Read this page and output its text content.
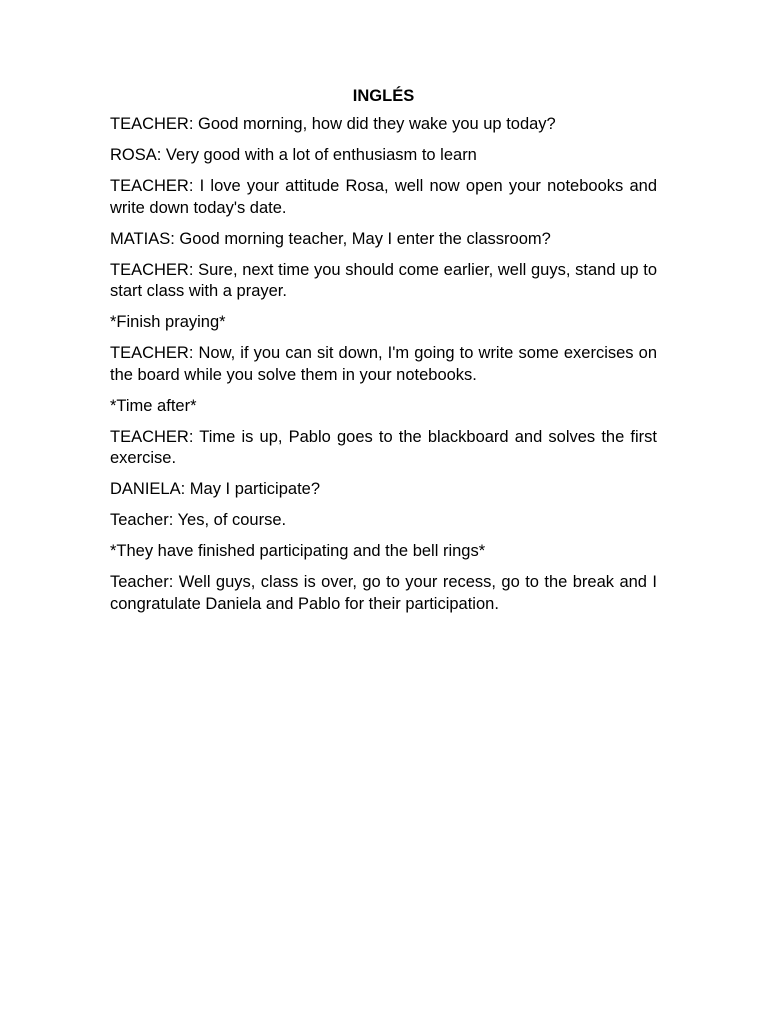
INGLÉS

TEACHER: Good morning, how did they wake you up today?

ROSA: Very good with a lot of enthusiasm to learn

TEACHER: I love your attitude Rosa, well now open your notebooks and write down today's date.

MATIAS: Good morning teacher, May I enter the classroom?

TEACHER: Sure, next time you should come earlier, well guys, stand up to start class with a prayer.

*Finish praying*

TEACHER: Now, if you can sit down, I'm going to write some exercises on the board while you solve them in your notebooks.

*Time after*

TEACHER: Time is up, Pablo goes to the blackboard and solves the first exercise.

DANIELA: May I participate?

Teacher: Yes, of course.

*They have finished participating and the bell rings*

Teacher: Well guys, class is over, go to your recess, go to the break and I congratulate Daniela and Pablo for their participation.
